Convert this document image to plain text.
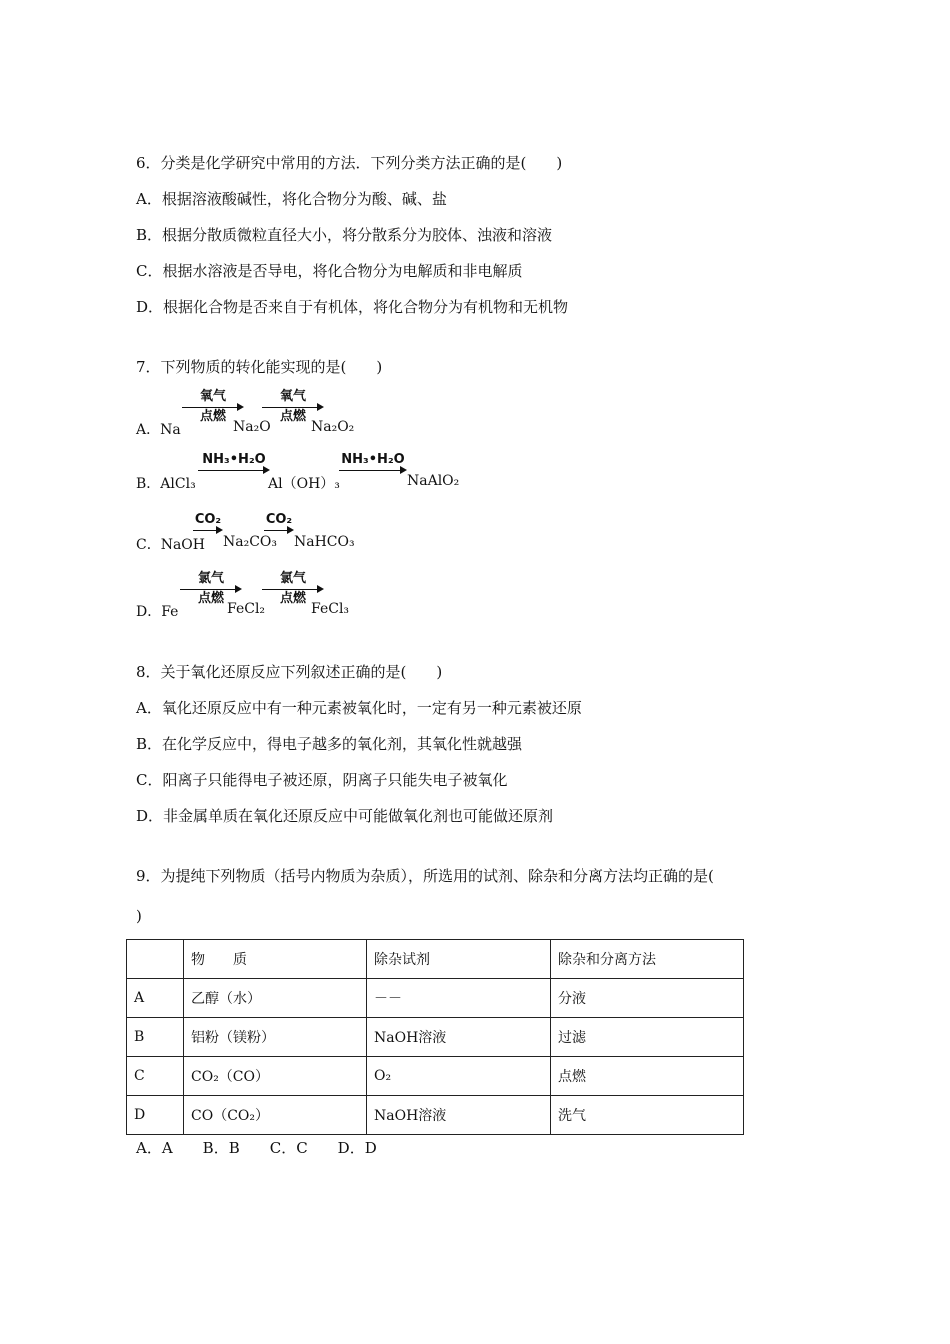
6．分类是化学研究中常用的方法．下列分类方法正确的是(　　)
A．根据溶液酸碱性，将化合物分为酸、碱、盐
B．根据分散质微粒直径大小，将分散系分为胶体、浊液和溶液
C．根据水溶液是否导电，将化合物分为电解质和非电解质
D．根据化合物是否来自于有机体，将化合物分为有机物和无机物
7．下列物质的转化能实现的是(　　)
A．Na
氧气
点燃
Na₂O
氧气
点燃
Na₂O₂
B．AlCl₃
NH₃•H₂O
Al（OH）₃
NH₃•H₂O
NaAlO₂
C．NaOH
CO₂
Na₂CO₃
CO₂
NaHCO₃
D．Fe
氯气
点燃
FeCl₂
氯气
点燃
FeCl₃
8．关于氧化还原反应下列叙述正确的是(　　)
A．氧化还原反应中有一种元素被氧化时，一定有另一种元素被还原
B．在化学反应中，得电子越多的氧化剂，其氧化性就越强
C．阳离子只能得电子被还原，阴离子只能失电子被氧化
D．非金属单质在氧化还原反应中可能做氧化剂也可能做还原剂
9．为提纯下列物质（括号内物质为杂质），所选用的试剂、除杂和分离方法均正确的是(
)
	物　　质	除杂试剂	除杂和分离方法
A	乙醇（水）	－－	分液
B	铝粉（镁粉）	NaOH溶液	过滤
C	CO₂（CO）	O₂	点燃
D	CO（CO₂）	NaOH溶液	洗气
A．A　　B．B　　C．C　　D．D
